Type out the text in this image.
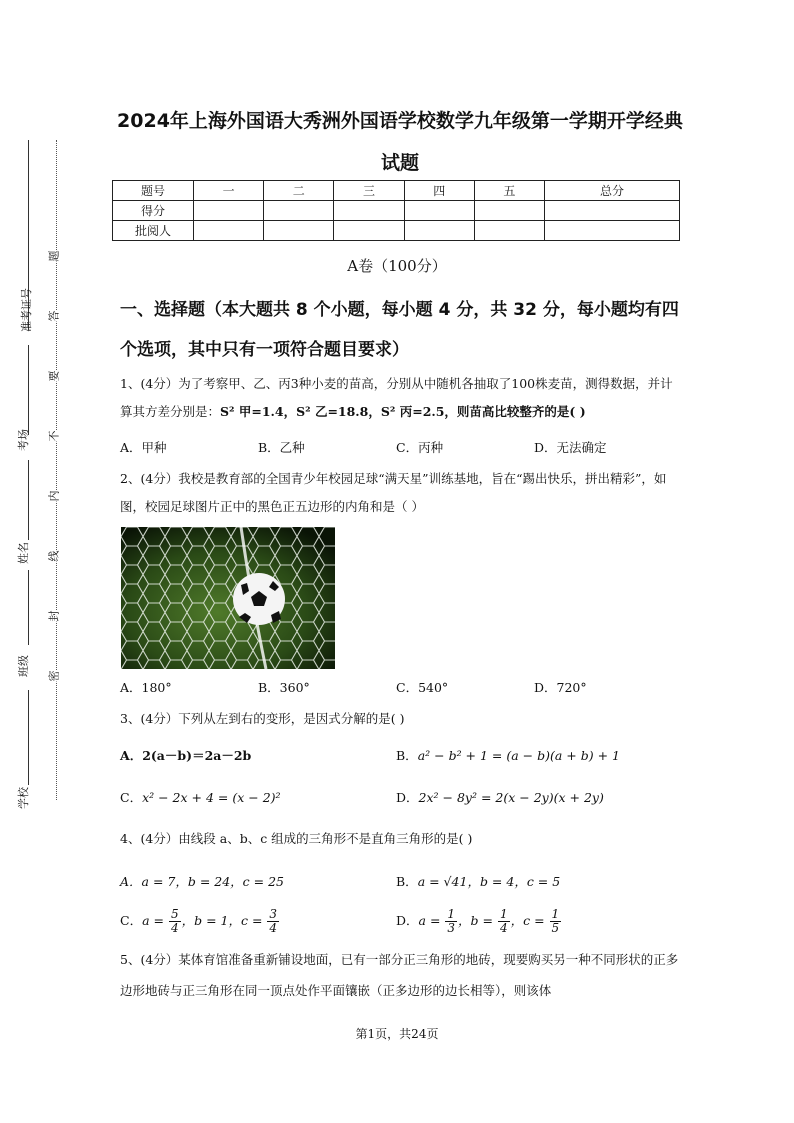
准考证号
考场
姓名
班级
学校
题
答
要
不
内
线
封
密
2024年上海外国语大秀洲外国语学校数学九年级第一学期开学经典
试题
题号	一	二	三	四	五	总分
得分						
批阅人						
A卷（100分）
一、选择题（本大题共 8 个小题，每小题 4 分，共 32 分，每小题均有四个选项，其中只有一项符合题目要求）
1、(4分）为了考察甲、乙、丙3种小麦的苗高，分别从中随机各抽取了100株麦苗，测得数据，并计算其方差分别是：S² 甲=1.4，S² 乙=18.8，S² 丙=2.5，则苗高比较整齐的是( )
A．甲种	B．乙种	C．丙种	D．无法确定
2、(4分）我校是教育部的全国青少年校园足球“满天星”训练基地，旨在“踢出快乐，拼出精彩”，如图，校园足球图片正中的黑色正五边形的内角和是（ ）
A．180°	B．360°	C．540°	D．720°
3、(4分）下列从左到右的变形，是因式分解的是( )
A．2(a－b)＝2a－2b	B．a² − b² + 1 = (a − b)(a + b) + 1
C．x² − 2x + 4 = (x − 2)²	D．2x² − 8y² = 2(x − 2y)(x + 2y)
4、(4分）由线段 a、b、c 组成的三角形不是直角三角形的是( )
A．a = 7，b = 24，c = 25	B．a = √41，b = 4，c = 5
C．$a = \frac{5}{4}$ ，b = 1，$c = \frac{3}{4}$	D．$a = \frac{1}{3}$ ，$b = \frac{1}{4}$ ，$c = \frac{1}{5}$
5、(4分）某体育馆准备重新铺设地面，已有一部分正三角形的地砖，现要购买另一种不同形状的正多边形地砖与正三角形在同一顶点处作平面镶嵌（正多边形的边长相等），则该体
第1页，共24页
